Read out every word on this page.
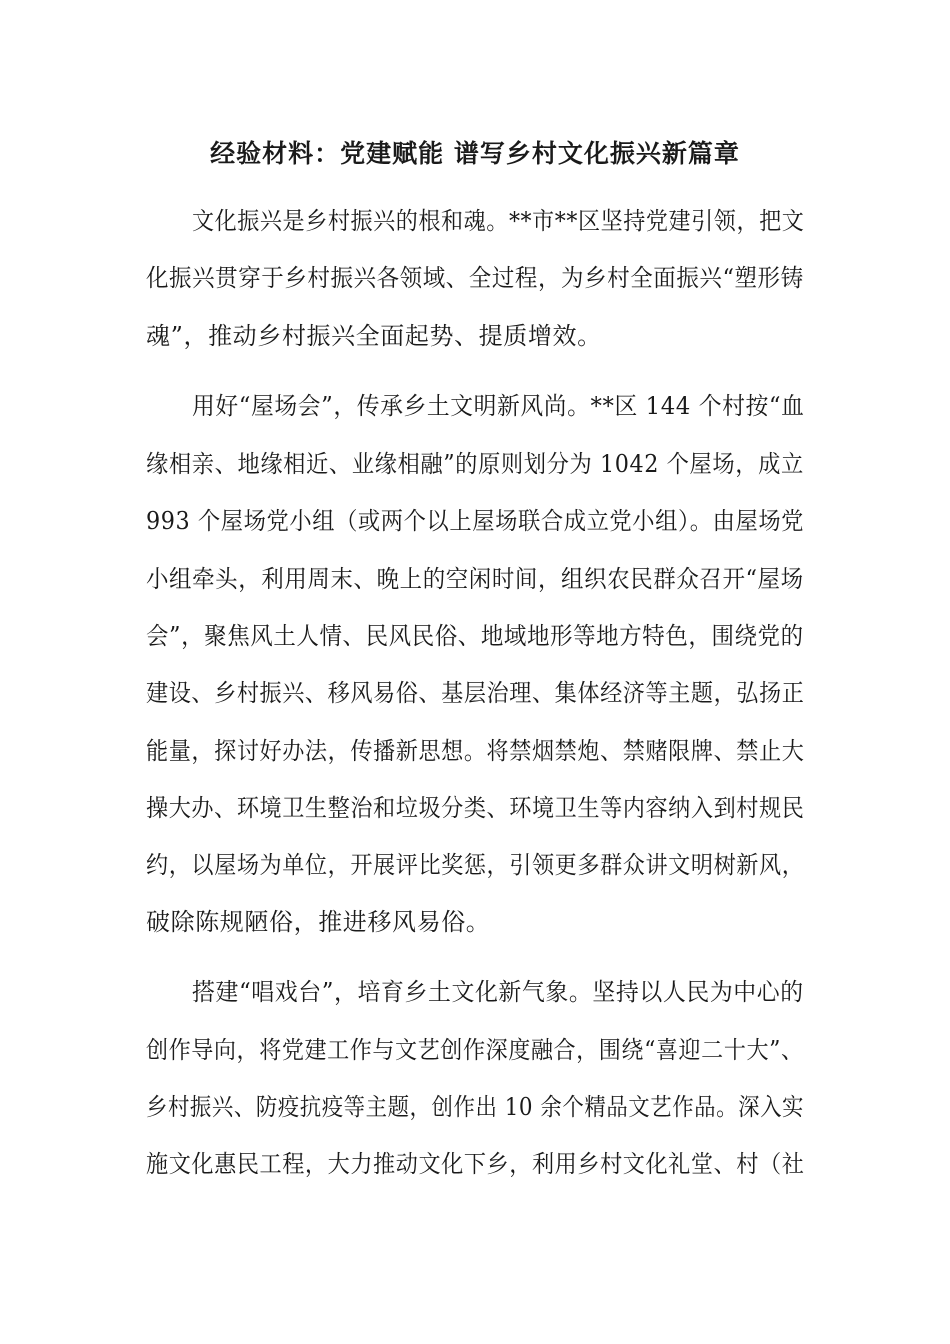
经验材料：党建赋能 谱写乡村文化振兴新篇章
文化振兴是乡村振兴的根和魂。**市**区坚持党建引领，把文
化振兴贯穿于乡村振兴各领域、全过程，为乡村全面振兴“塑形铸
魂”，推动乡村振兴全面起势、提质增效。
用好“屋场会”，传承乡土文明新风尚。**区 144 个村按“血
缘相亲、地缘相近、业缘相融”的原则划分为 1042 个屋场，成立
993 个屋场党小组（或两个以上屋场联合成立党小组）。由屋场党
小组牵头，利用周末、晚上的空闲时间，组织农民群众召开“屋场
会”，聚焦风土人情、民风民俗、地域地形等地方特色，围绕党的
建设、乡村振兴、移风易俗、基层治理、集体经济等主题，弘扬正
能量，探讨好办法，传播新思想。将禁烟禁炮、禁赌限牌、禁止大
操大办、环境卫生整治和垃圾分类、环境卫生等内容纳入到村规民
约，以屋场为单位，开展评比奖惩，引领更多群众讲文明树新风，
破除陈规陋俗，推进移风易俗。
搭建“唱戏台”，培育乡土文化新气象。坚持以人民为中心的
创作导向，将党建工作与文艺创作深度融合，围绕“喜迎二十大”、
乡村振兴、防疫抗疫等主题，创作出 10 余个精品文艺作品。深入实
施文化惠民工程，大力推动文化下乡，利用乡村文化礼堂、村（社
